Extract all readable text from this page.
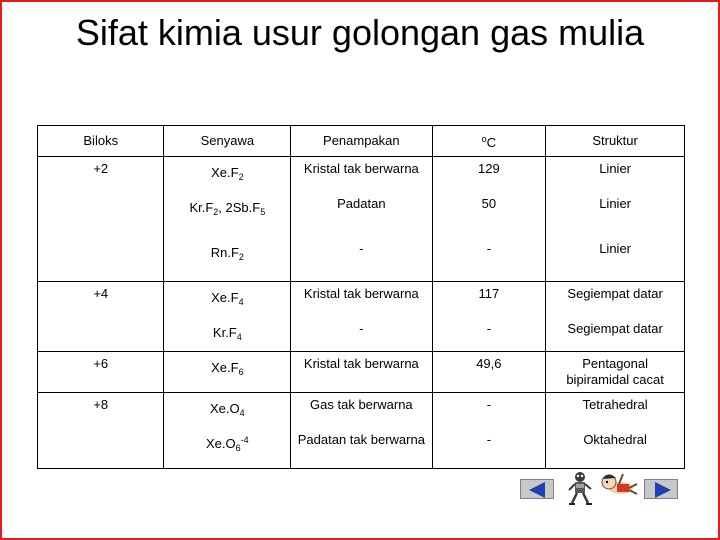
Sifat kimia usur golongan gas mulia
Biloks	Senyawa	Penampakan	$^o$C	Struktur
+2	$Xe.F_2$	Kristal tak berwarna	129	Linier
	$Kr.F_2$, $2Sb.F_5$	Padatan	50	Linier
	$Rn.F_2$	-	-	Linier
+4	$Xe.F_4$	Kristal tak berwarna	117	Segiempat datar
	$Kr.F_4$	-	-	Segiempat datar
+6	$Xe.F_6$	Kristal tak berwarna	49,6	Pentagonal bipiramidal cacat
+8	$Xe.O_4$	Gas tak berwarna	-	Tetrahedral
	$Xe.O_6^{-4}$	Padatan tak berwarna	-	Oktahedral
